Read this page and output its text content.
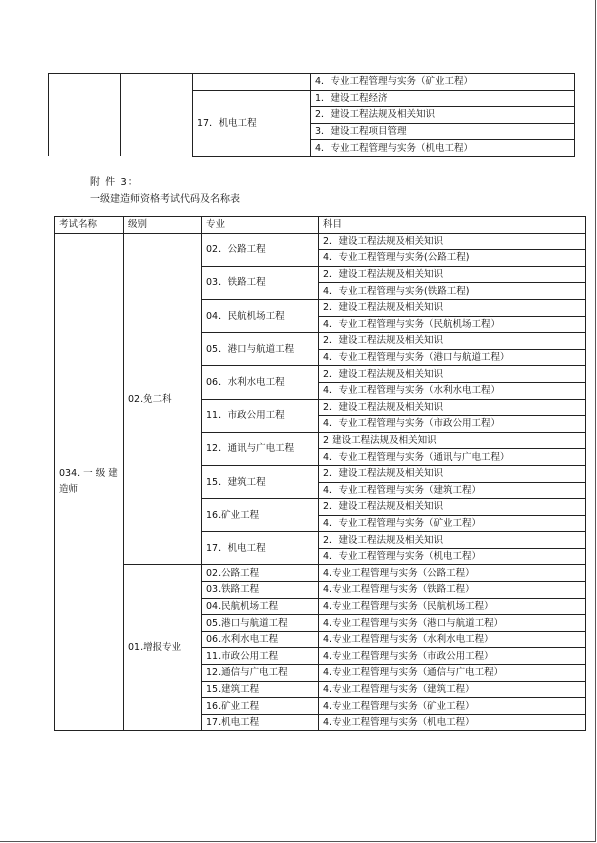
			4．专业工程管理与实务（矿业工程）
		17．机电工程	1．建设工程经济
			2．建设工程法规及相关知识
			3．建设工程项目管理
			4．专业工程管理与实务（机电工程）
附 件 3：
一级建造师资格考试代码及名称表
考试名称	级别	专业	科目
034. 一 级 建 造师	02.免二科	02．公路工程	2．建设工程法规及相关知识
			4．专业工程管理与实务(公路工程)
		03．铁路工程	2．建设工程法规及相关知识
			4．专业工程管理与实务(铁路工程)
		04．民航机场工程	2．建设工程法规及相关知识
			4．专业工程管理与实务（民航机场工程）
		05．港口与航道工程	2．建设工程法规及相关知识
			4．专业工程管理与实务（港口与航道工程）
		06．水利水电工程	2．建设工程法规及相关知识
			4．专业工程管理与实务（水利水电工程）
		11．市政公用工程	2．建设工程法规及相关知识
			4．专业工程管理与实务（市政公用工程）
		12．通讯与广电工程	2 建设工程法规及相关知识
			4．专业工程管理与实务（通讯与广电工程）
		15．建筑工程	2．建设工程法规及相关知识
			4．专业工程管理与实务（建筑工程）
		16.矿业工程	2．建设工程法规及相关知识
			4．专业工程管理与实务（矿业工程）
		17．机电工程	2．建设工程法规及相关知识
			4．专业工程管理与实务（机电工程）
	01.增报专业	02.公路工程	4.专业工程管理与实务（公路工程）
		03.铁路工程	4.专业工程管理与实务（铁路工程）
		04.民航机场工程	4.专业工程管理与实务（民航机场工程）
		05.港口与航道工程	4.专业工程管理与实务（港口与航道工程）
		06.水利水电工程	4.专业工程管理与实务（水利水电工程）
		11.市政公用工程	4.专业工程管理与实务（市政公用工程）
		12.通信与广电工程	4.专业工程管理与实务（通信与广电工程）
		15.建筑工程	4.专业工程管理与实务（建筑工程）
		16.矿业工程	4.专业工程管理与实务（矿业工程）
		17.机电工程	4.专业工程管理与实务（机电工程）
